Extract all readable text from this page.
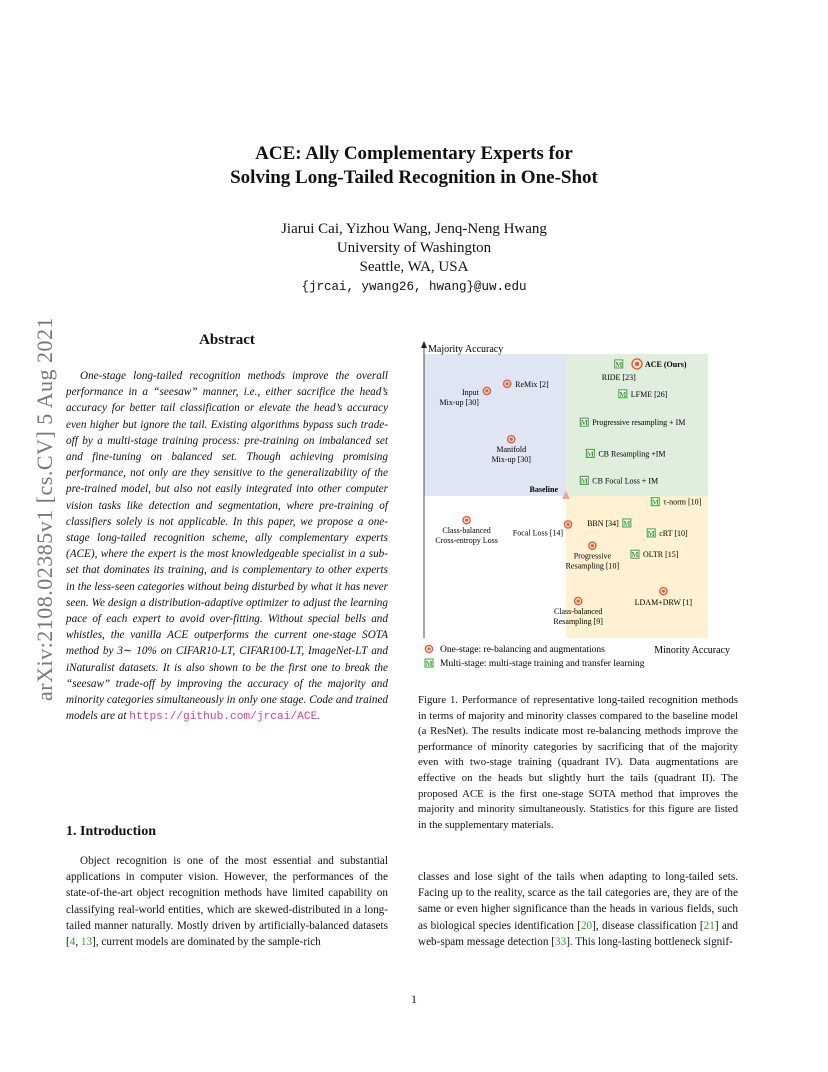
arXiv:2108.02385v1 [cs.CV] 5 Aug 2021
ACE: Ally Complementary Experts for
Solving Long-Tailed Recognition in One-Shot
Jiarui Cai, Yizhou Wang, Jenq-Neng Hwang
University of Washington
Seattle, WA, USA
{jrcai, ywang26, hwang}@uw.edu
Abstract

One-stage long-tailed recognition methods improve the overall performance in a “seesaw” manner, i.e., either sacrifice the head’s accuracy for better tail classification or elevate the head’s accuracy even higher but ignore the tail. Existing algorithms bypass such trade-off by a multi-stage training process: pre-training on imbalanced set and fine-tuning on balanced set. Though achieving promising performance, not only are they sensitive to the generalizability of the pre-trained model, but also not easily integrated into other computer vision tasks like detection and segmentation, where pre-training of classifiers solely is not applicable. In this paper, we propose a one-stage long-tailed recognition scheme, ally complementary experts (ACE), where the expert is the most knowledgeable specialist in a sub-set that dominates its training, and is complementary to other experts in the less-seen categories without being disturbed by what it has never seen. We design a distribution-adaptive optimizer to adjust the learning pace of each expert to avoid over-fitting. Without special bells and whistles, the vanilla ACE outperforms the current one-stage SOTA method by 3∼ 10% on CIFAR10-LT, CIFAR100-LT, ImageNet-LT and iNaturalist datasets. It is also shown to be the first one to break the “seesaw” trade-off by improving the accuracy of the majority and minority categories simultaneously in only one stage. Code and trained models are at https://github.com/jrcai/ACE.

1. Introduction

Object recognition is one of the most essential and substantial applications in computer vision. However, the performances of the state-of-the-art object recognition methods have limited capability on classifying real-world entities, which are skewed-distributed in a long-tailed manner naturally. Mostly driven by artificially-balanced datasets [4, 13], current models are dominated by the sample-rich

Majority Accuracy
Minority Accuracy
Baseline
ACE (Ours)
ReMix [2]
Input
Mix-up [30]
Manifold
Mix-up [30]
Class-balanced
Cross-entropy Loss
Focal Loss [14]
Progressive
Resampling [10]
LDAM+DRW [1]
Class-balanced
Resampling [9]
M
RIDE [23]
M LFME [26]
M Progressive resampling + IM
M CB Resampling +IM
M CB Focal Loss + IM
M τ-norm [10]
M
BBN [34]
M cRT [10]
M OLTR [15]
One-stage: re-balancing and augmentations
M Multi-stage: multi-stage training and transfer learning
Figure 1. Performance of representative long-tailed recognition methods in terms of majority and minority classes compared to the baseline model (a ResNet). The results indicate most re-balancing methods improve the performance of minority categories by sacrificing that of the majority even with two-stage training (quadrant IV). Data augmentations are effective on the heads but slightly hurt the tails (quadrant II). The proposed ACE is the first one-stage SOTA method that improves the majority and minority simultaneously. Statistics for this figure are listed in the supplementary materials.

classes and lose sight of the tails when adapting to long-tailed sets. Facing up to the reality, scarce as the tail categories are, they are of the same or even higher significance than the heads in various fields, such as biological species identification [20], disease classification [21] and web-spam message detection [33]. This long-lasting bottleneck signif-

1
